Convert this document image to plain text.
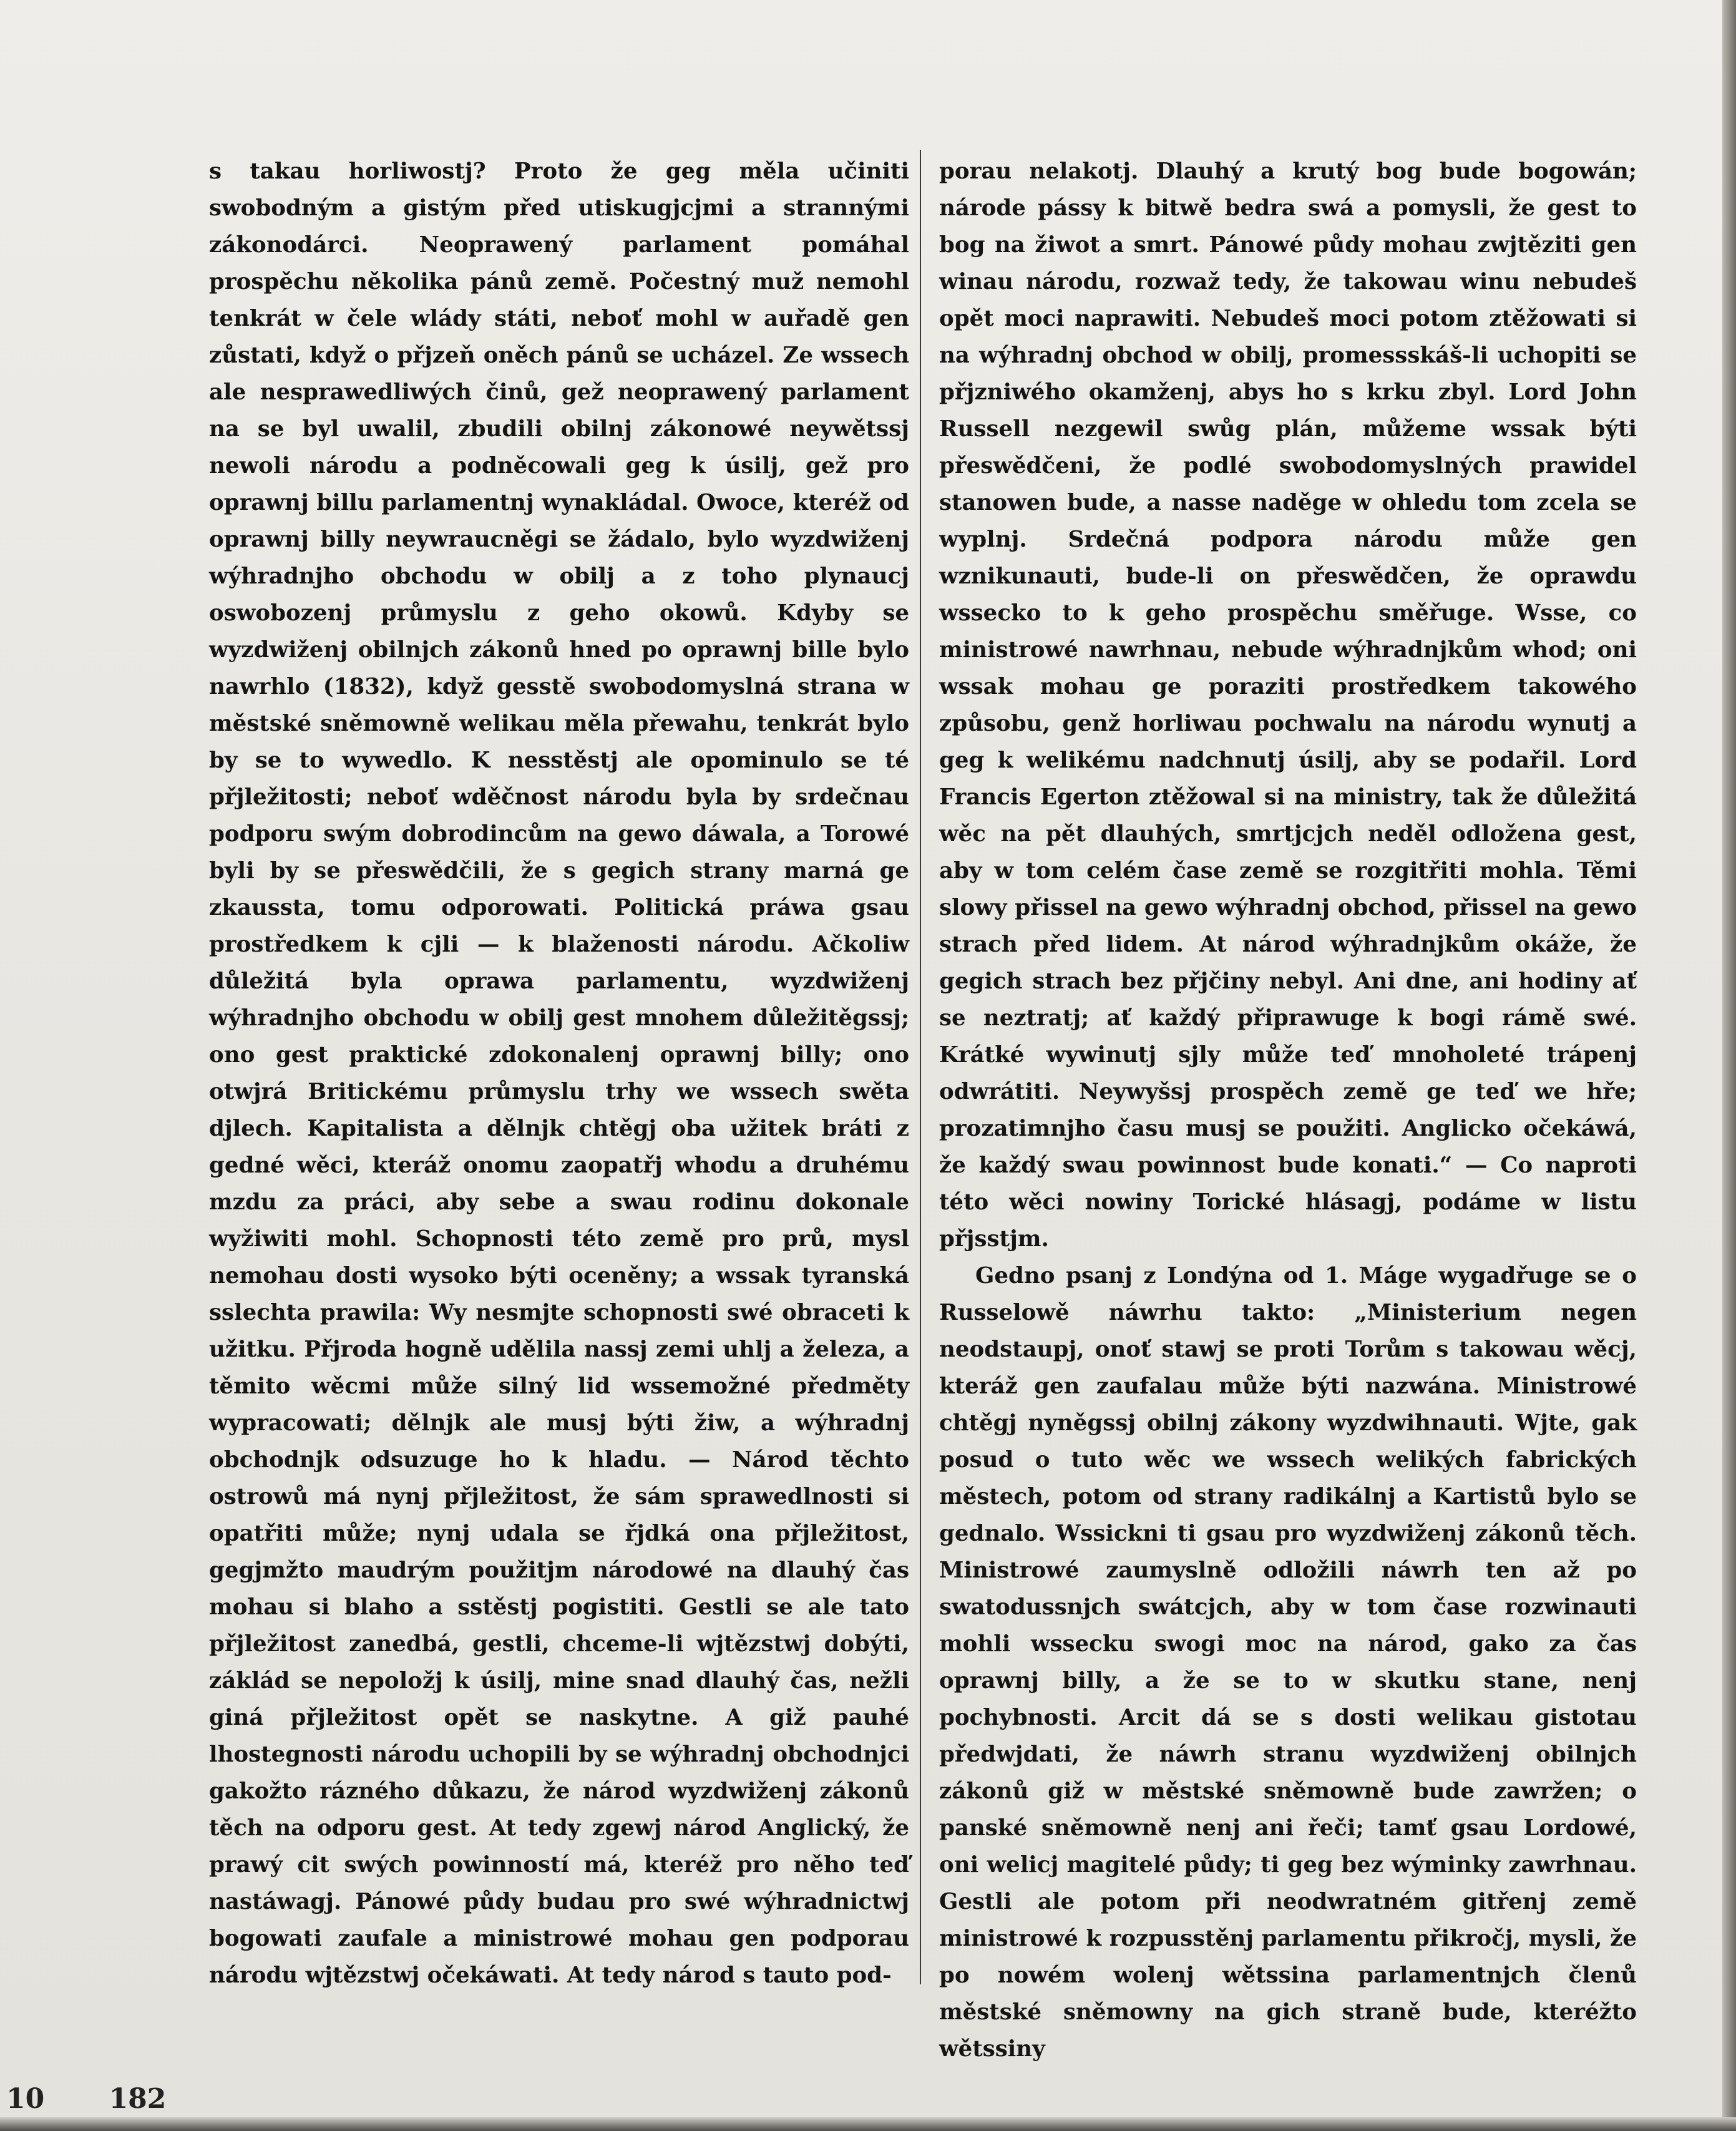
s takau horliwostj? Proto že geg měla učiniti swobodným a gistým před utiskugjcjmi a strannými zákonodárci. Neoprawený parlament pomáhal prospěchu několika pánů země. Počestný muž nemohl tenkrát w čele wlády státi, neboť mohl w auřadě gen zůstati, když o přjzeň oněch pánů se ucházel. Ze wssech ale nesprawedliwých činů, gež neoprawený parlament na se byl uwalil, zbudili obilnj zákonowé neywětssj newoli národu a podněcowali geg k úsilj, gež pro oprawnj billu parlamentnj wynakládal. Owoce, kteréž od oprawnj billy neywraucněgi se žádalo, bylo wyzdwiženj wýhradnjho obchodu w obilj a z toho plynaucj oswobozenj průmyslu z geho okowů. Kdyby se wyzdwiženj obilnjch zákonů hned po oprawnj bille bylo nawrhlo (1832), když gesstě swobodomyslná strana w městské sněmowně welikau měla přewahu, tenkrát bylo by se to wywedlo. K nesstěstj ale opominulo se té přjležitosti; neboť wděčnost národu byla by srdečnau podporu swým dobrodincům na gewo dáwala, a Torowé byli by se přeswědčili, že s gegich strany marná ge zkaussta, tomu odporowati. Politická práwa gsau prostředkem k cjli — k blaženosti národu. Ačkoliw důležitá byla oprawa parlamentu, wyzdwiženj wýhradnjho obchodu w obilj gest mnohem důležitěgssj; ono gest praktické zdokonalenj oprawnj billy; ono otwjrá Britickému průmyslu trhy we wssech swěta djlech. Kapitalista a dělnjk chtěgj oba užitek bráti z gedné wěci, kteráž onomu zaopatřj whodu a druhému mzdu za práci, aby sebe a swau rodinu dokonale wyžiwiti mohl. Schopnosti této země pro prů, mysl nemohau dosti wysoko býti oceněny; a wssak tyranská sslechta prawila: Wy nesmjte schopnosti swé obraceti k užitku. Přjroda hogně udělila nassj zemi uhlj a železa, a těmito wěcmi může silný lid wssemožné předměty wypracowati; dělnjk ale musj býti žiw, a wýhradnj obchodnjk odsuzuge ho k hladu. — Národ těchto ostrowů má nynj přjležitost, že sám sprawedlnosti si opatřiti může; nynj udala se řjdká ona přjležitost, gegjmžto maudrým použitjm národowé na dlauhý čas mohau si blaho a sstěstj pogistiti. Gestli se ale tato přjležitost zanedbá, gestli, chceme-li wjtězstwj dobýti, záklád se nepoložj k úsilj, mine snad dlauhý čas, nežli giná přjležitost opět se naskytne. A giž pauhé lhostegnosti národu uchopili by se wýhradnj obchodnjci gakožto rázného důkazu, že národ wyzdwiženj zákonů těch na odporu gest. At tedy zgewj národ Anglický, že prawý cit swých powinností má, kteréž pro něho teď nastáwagj. Pánowé půdy budau pro swé wýhradnictwj bogowati zaufale a ministrowé mohau gen podporau národu wjtězstwj očekáwati. At tedy národ s tauto pod-

porau nelakotj. Dlauhý a krutý bog bude bogowán; národe pássy k bitwě bedra swá a pomysli, že gest to bog na žiwot a smrt. Pánowé půdy mohau zwjtěziti gen winau národu, rozwaž tedy, že takowau winu nebudeš opět moci naprawiti. Nebudeš moci potom ztěžowati si na wýhradnj obchod w obilj, promessskáš-li uchopiti se přjzniwého okamženj, abys ho s krku zbyl. Lord John Russell nezgewil swůg plán, můžeme wssak býti přeswědčeni, že podlé swobodomyslných prawidel stanowen bude, a nasse naděge w ohledu tom zcela se wyplnj. Srdečná podpora národu může gen wznikunauti, bude-li on přeswědčen, že oprawdu wssecko to k geho prospěchu směřuge. Wsse, co ministrowé nawrhnau, nebude wýhradnjkům whod; oni wssak mohau ge poraziti prostředkem takowého způsobu, genž horliwau pochwalu na národu wynutj a geg k welikému nadchnutj úsilj, aby se podařil. Lord Francis Egerton ztěžowal si na ministry, tak že důležitá wěc na pět dlauhých, smrtjcjch neděl odložena gest, aby w tom celém čase země se rozgitřiti mohla. Těmi slowy přissel na gewo wýhradnj obchod, přissel na gewo strach před lidem. At národ wýhradnjkům okáže, že gegich strach bez přjčiny nebyl. Ani dne, ani hodiny ať se neztratj; ať každý připrawuge k bogi rámě swé. Krátké wywinutj sjly může teď mnoholeté trápenj odwrátiti. Neywyšsj prospěch země ge teď we hře; prozatimnjho času musj se použiti. Anglicko očekáwá, že každý swau powinnost bude konati.“ — Co naproti této wěci nowiny Torické hlásagj, podáme w listu přjsstjm.

Gedno psanj z Londýna od 1. Máge wygadřuge se o Russelowě náwrhu takto: „Ministerium negen neodstaupj, onoť stawj se proti Torům s takowau wěcj, kteráž gen zaufalau může býti nazwána. Ministrowé chtěgj nyněgssj obilnj zákony wyzdwihnauti. Wjte, gak posud o tuto wěc we wssech welikých fabrických městech, potom od strany radikálnj a Kartistů bylo se gednalo. Wssickni ti gsau pro wyzdwiženj zákonů těch. Ministrowé zaumyslně odložili náwrh ten až po swatodussnjch swátcjch, aby w tom čase rozwinauti mohli wssecku swogi moc na národ, gako za čas oprawnj billy, a že se to w skutku stane, nenj pochybnosti. Arcit dá se s dosti welikau gistotau předwjdati, že náwrh stranu wyzdwiženj obilnjch zákonů giž w městské sněmowně bude zawržen; o panské sněmowně nenj ani řeči; tamť gsau Lordowé, oni welicj magitelé půdy; ti geg bez wýminky zawrhnau. Gestli ale potom při neodwratném gitřenj země ministrowé k rozpusstěnj parlamentu přikročj, mysli, že po nowém wolenj wětssina parlamentnjch členů městské sněmowny na gich straně bude, kteréžto wětssiny

10 182
